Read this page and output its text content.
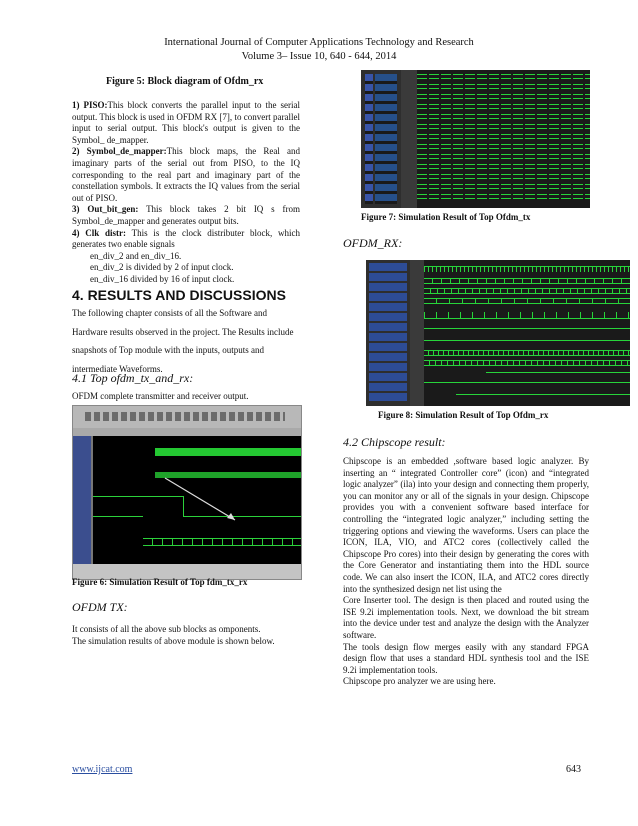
International Journal of Computer Applications Technology and Research
Volume 3– Issue 10, 640 - 644, 2014
Figure 5: Block diagram of Ofdm_rx

1) PISO:This block converts the parallel input to the serial output. This block is used in OFDM RX [7], to convert parallel input to serial output. This block's output is given to the Symbol_ de_mapper.

2) Symbol_de_mapper:This block maps, the Real and imaginary parts of the serial out from PISO, to the IQ corresponding to the real part and imaginary part of the constellation symbols. It extracts the IQ values from the serial out of PISO.

3) Out_bit_gen: This block takes 2 bit IQ s from Symbol_de_mapper and generates output bits.

4) Clk distr: This is the clock distributer block, which generates two enable signals

en_div_2 and en_div_16.

en_div_2 is divided by 2 of input clock.

en_div_16 divided by 16 of input clock.

4. RESULTS AND DISCUSSIONS
The following chapter consists of all the Software and Hardware results observed in the project. The Results include snapshots of Top module with the inputs, outputs and intermediate Waveforms.
4.1 Top ofdm_tx_and_rx:
OFDM complete transmitter and receiver output.
Figure 6: Simulation Result of Top fdm_tx_rx
OFDM TX:

It consists of all the above sub blocks as omponents.

The simulation results of above module is shown below.

Figure 7: Simulation Result of Top Ofdm_tx
OFDM_RX:
Figure 8: Simulation Result of Top Ofdm_rx
4.2 Chipscope result:

Chipscope is an embedded ,software based logic analyzer. By inserting an “ integrated Controller core” (icon) and “integrated logic analyzer” (ila) into your design and connecting them properly, you can monitor any or all of the signals in your design. Chipscope provides you with a convenient software based interface for controlling the “integrated logic analyzer,” including setting the triggering options and viewing the waveforms. Users can place the ICON, ILA, VIO, and ATC2 cores (collectively called the Chipscope Pro cores) into their design by generating the cores with the Core Generator and instantiating them into the HDL source code. We can also insert the ICON, ILA, and ATC2 cores directly into the synthesized design net list using the

Core Inserter tool. The design is then placed and routed using the ISE 9.2i implementation tools. Next, we download the bit stream into the device under test and analyze the design with the Analyzer software.

The tools design flow merges easily with any standard FPGA design flow that uses a standard HDL synthesis tool and the ISE 9.2i implementation tools.

Chipscope pro analyzer we are using here.

www.ijcat.com	643
